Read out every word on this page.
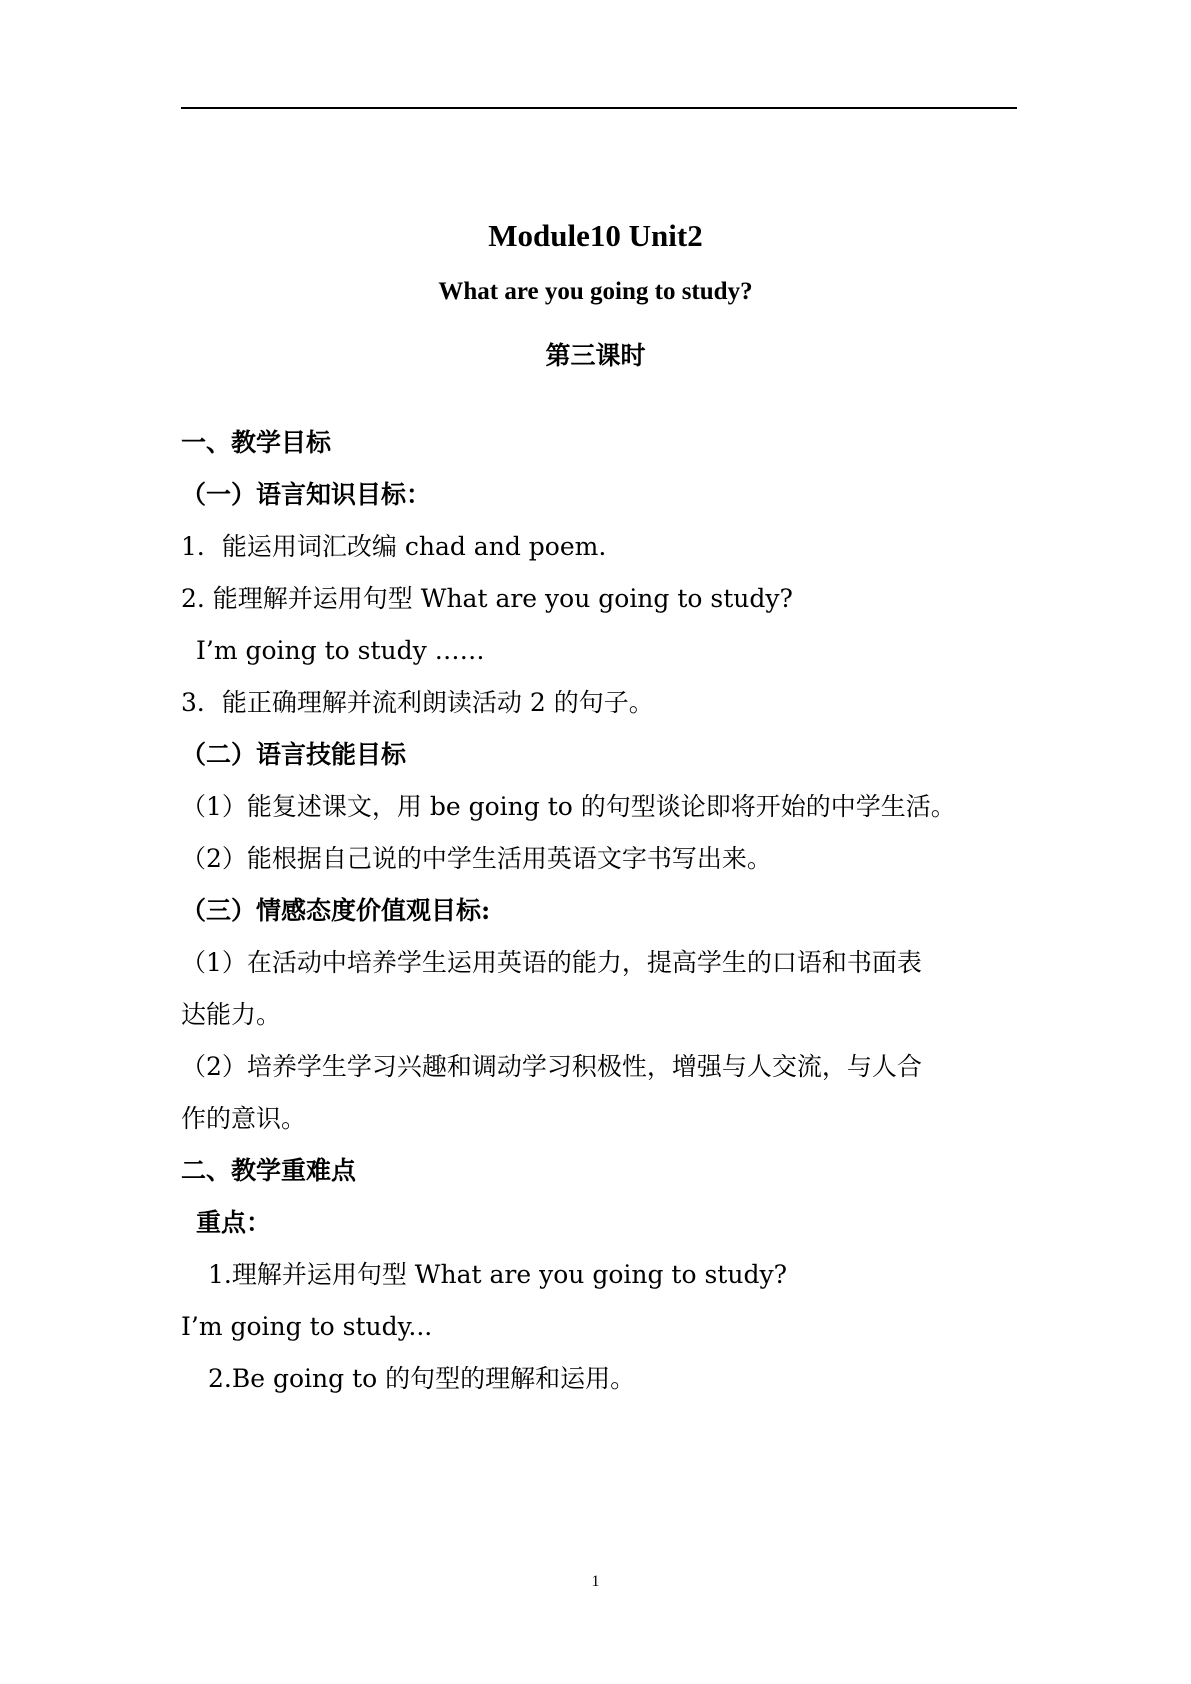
Module10 Unit2
What are you going to study?
第三课时
一、教学目标
（一）语言知识目标：
1．能运用词汇改编 chad and poem.
2. 能理解并运用句型 What are you going to study?
I’m going to study ……
3．能正确理解并流利朗读活动 2 的句子。
（二）语言技能目标
（1）能复述课文，用 be going to 的句型谈论即将开始的中学生活。
（2）能根据自己说的中学生活用英语文字书写出来。
（三）情感态度价值观目标:
（1）在活动中培养学生运用英语的能力，提高学生的口语和书面表
达能力。
（2）培养学生学习兴趣和调动学习积极性，增强与人交流，与人合
作的意识。
二、教学重难点
重点：
1.理解并运用句型 What are you going to study?
I’m going to study...
2.Be going to 的句型的理解和运用。
1
